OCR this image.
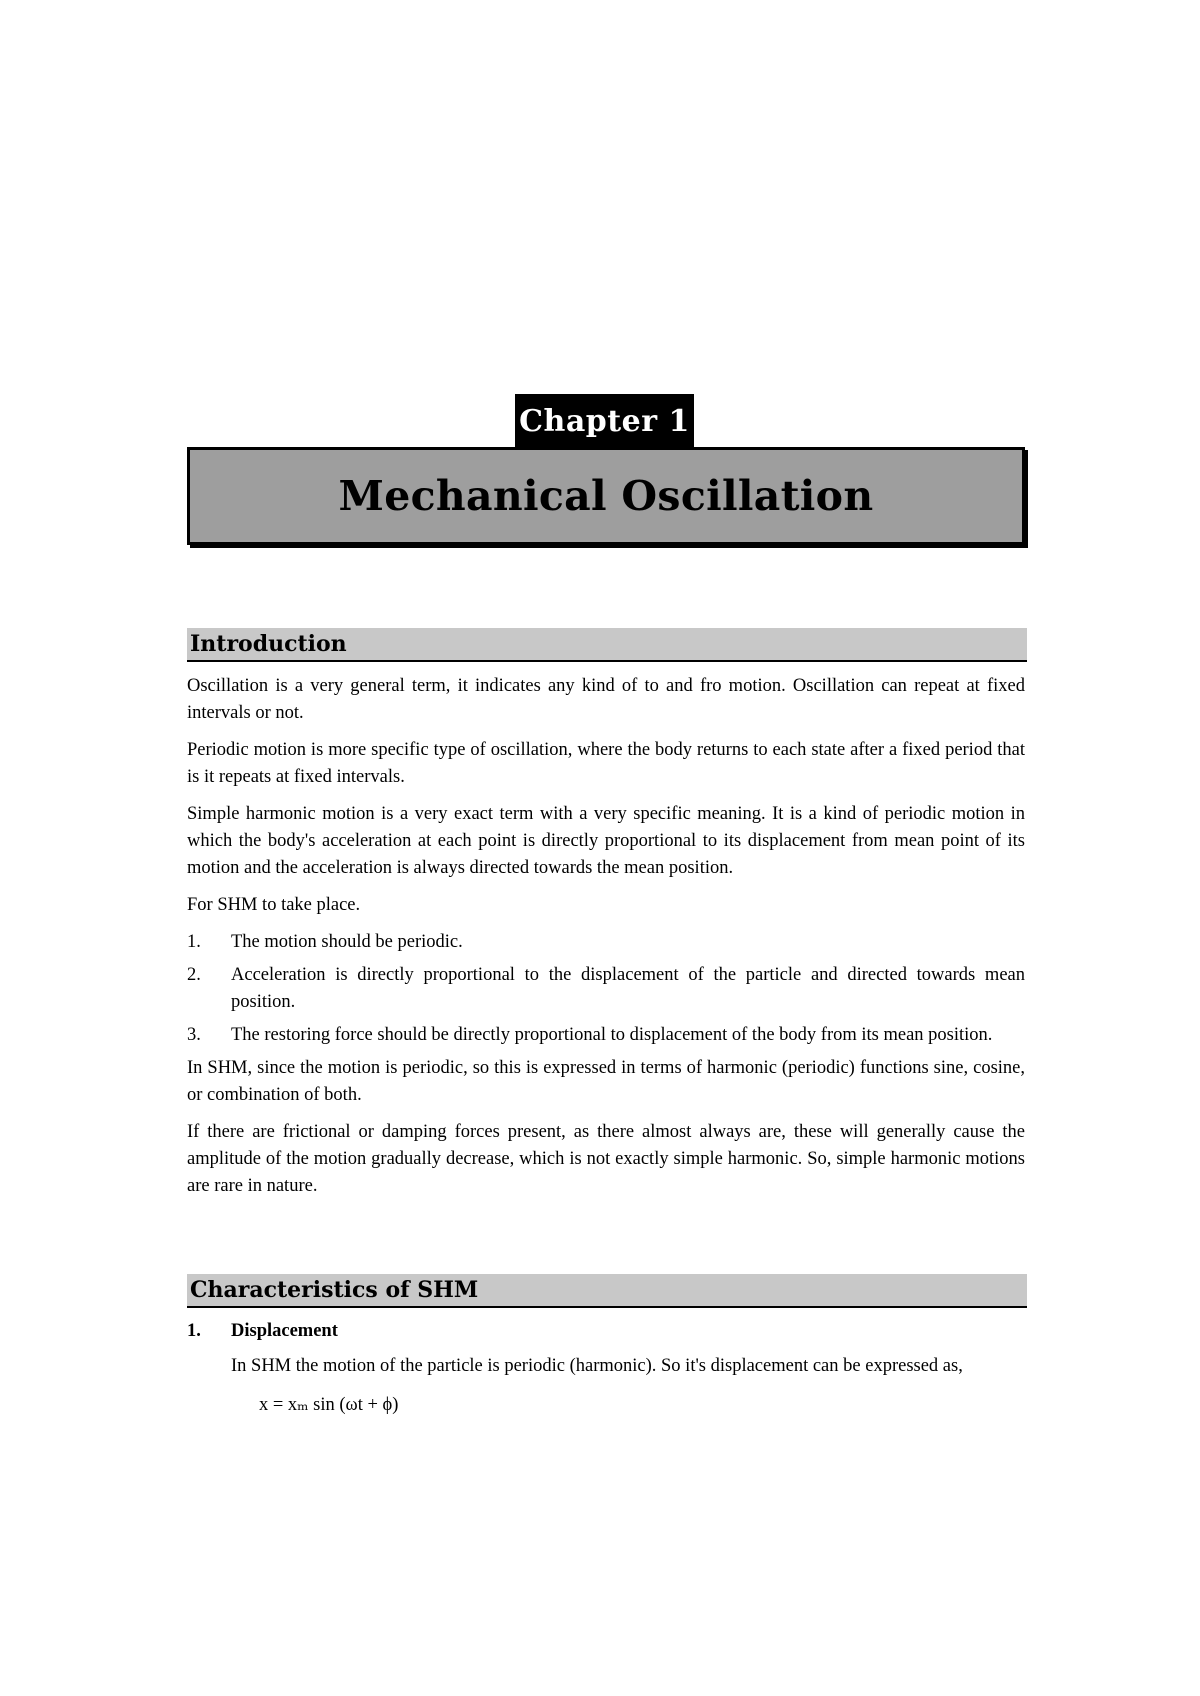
Chapter 1
Mechanical Oscillation
Introduction

Oscillation is a very general term, it indicates any kind of to and fro motion. Oscillation can repeat at fixed intervals or not.

Periodic motion is more specific type of oscillation, where the body returns to each state after a fixed period that is it repeats at fixed intervals.

Simple harmonic motion is a very exact term with a very specific meaning. It is a kind of periodic motion in which the body's acceleration at each point is directly proportional to its displacement from mean point of its motion and the acceleration is always directed towards the mean position.

For SHM to take place.

1.	The motion should be periodic.
2.	Acceleration is directly proportional to the displacement of the particle and directed towards mean position.
3.	The restoring force should be directly proportional to displacement of the body from its mean position.

In SHM, since the motion is periodic, so this is expressed in terms of harmonic (periodic) functions sine, cosine, or combination of both.

If there are frictional or damping forces present, as there almost always are, these will generally cause the amplitude of the motion gradually decrease, which is not exactly simple harmonic. So, simple harmonic motions are rare in nature.

Characteristics of SHM
1.	Displacement
In SHM the motion of the particle is periodic (harmonic). So it's displacement can be expressed as,
x = xₘ sin (ωt + ϕ)
